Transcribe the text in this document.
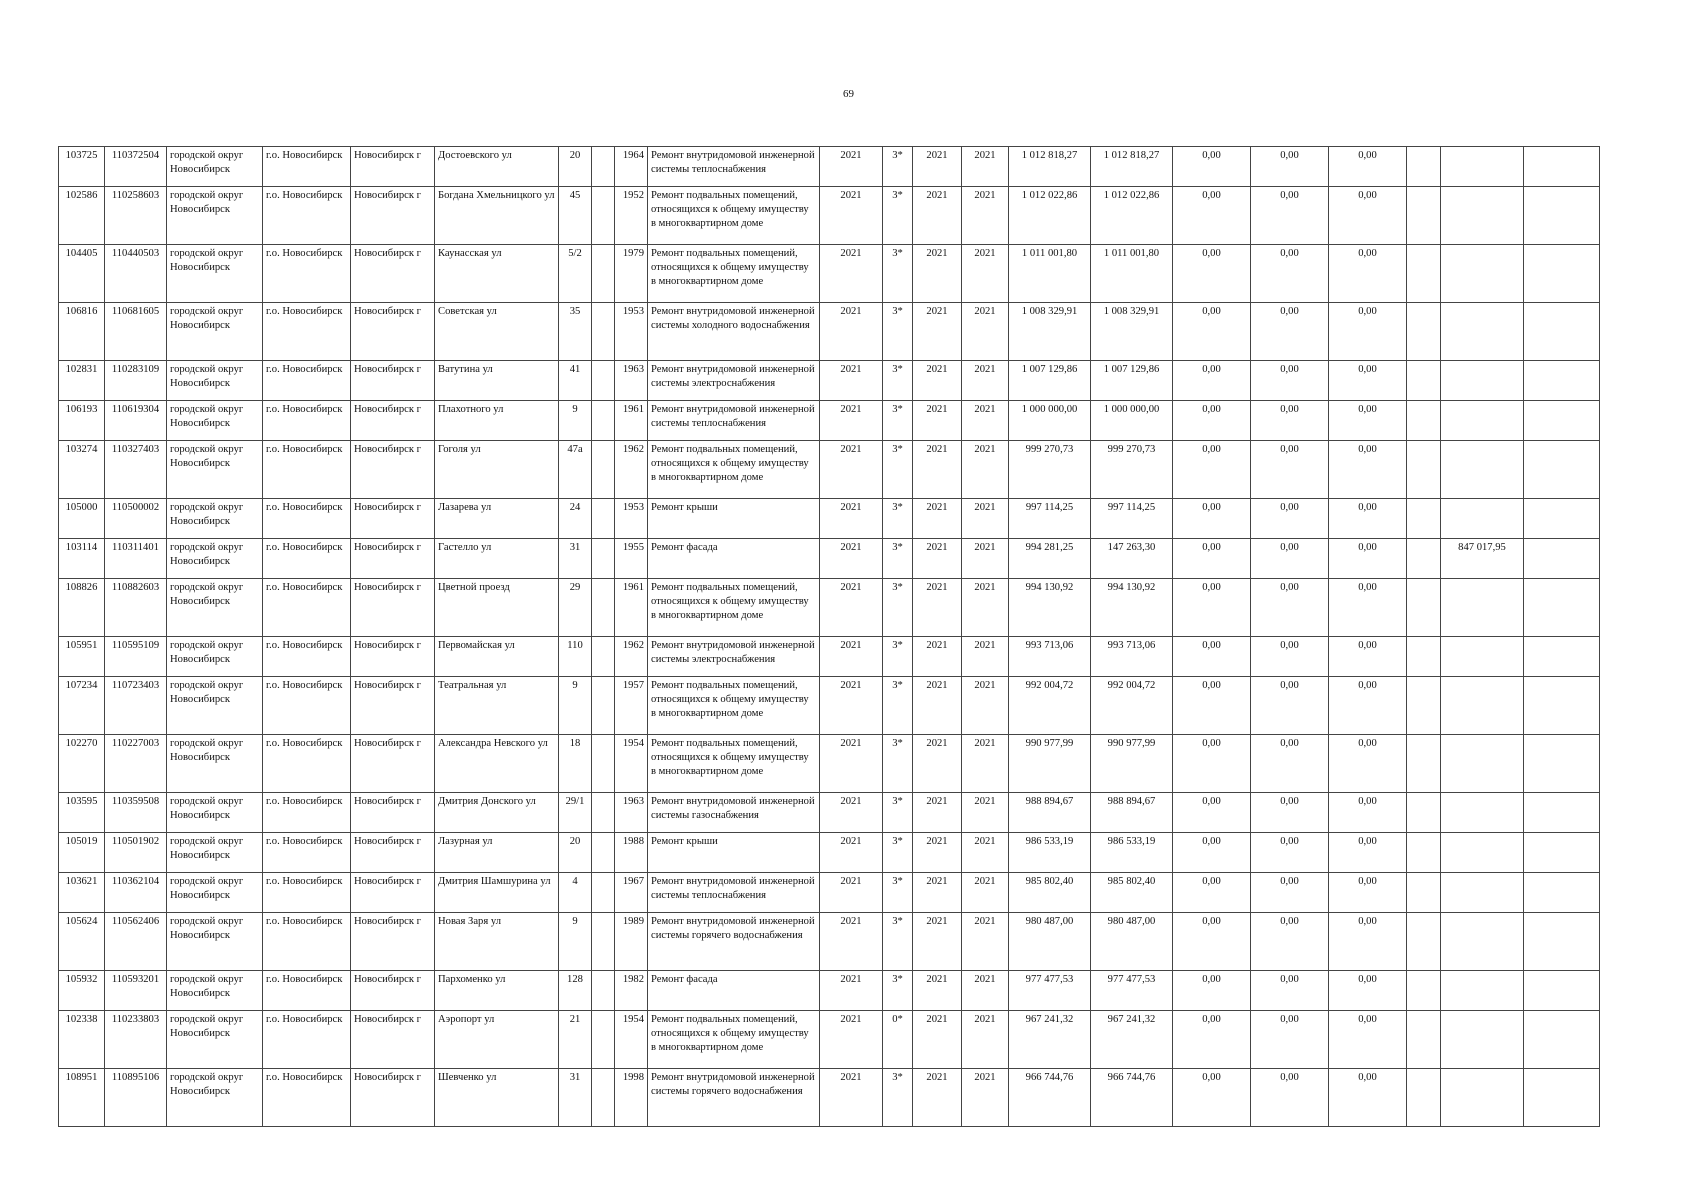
69
103725	110372504	городской округ Новосибирск	г.о. Новосибирск	Новосибирск г	Достоевского ул	20		1964	Ремонт внутридомовой инженерной системы теплоснабжения	2021	3*	2021	2021	1 012 818,27	1 012 818,27	0,00	0,00	0,00			
102586	110258603	городской округ Новосибирск	г.о. Новосибирск	Новосибирск г	Богдана Хмельницкого ул	45		1952	Ремонт подвальных помещений, относящихся к общему имуществу в многоквартирном доме	2021	3*	2021	2021	1 012 022,86	1 012 022,86	0,00	0,00	0,00			
104405	110440503	городской округ Новосибирск	г.о. Новосибирск	Новосибирск г	Каунасская ул	5/2		1979	Ремонт подвальных помещений, относящихся к общему имуществу в многоквартирном доме	2021	3*	2021	2021	1 011 001,80	1 011 001,80	0,00	0,00	0,00			
106816	110681605	городской округ Новосибирск	г.о. Новосибирск	Новосибирск г	Советская ул	35		1953	Ремонт внутридомовой инженерной системы холодного водоснабжения	2021	3*	2021	2021	1 008 329,91	1 008 329,91	0,00	0,00	0,00			
102831	110283109	городской округ Новосибирск	г.о. Новосибирск	Новосибирск г	Ватутина ул	41		1963	Ремонт внутридомовой инженерной системы электроснабжения	2021	3*	2021	2021	1 007 129,86	1 007 129,86	0,00	0,00	0,00			
106193	110619304	городской округ Новосибирск	г.о. Новосибирск	Новосибирск г	Плахотного ул	9		1961	Ремонт внутридомовой инженерной системы теплоснабжения	2021	3*	2021	2021	1 000 000,00	1 000 000,00	0,00	0,00	0,00			
103274	110327403	городской округ Новосибирск	г.о. Новосибирск	Новосибирск г	Гоголя ул	47а		1962	Ремонт подвальных помещений, относящихся к общему имуществу в многоквартирном доме	2021	3*	2021	2021	999 270,73	999 270,73	0,00	0,00	0,00			
105000	110500002	городской округ Новосибирск	г.о. Новосибирск	Новосибирск г	Лазарева ул	24		1953	Ремонт крыши	2021	3*	2021	2021	997 114,25	997 114,25	0,00	0,00	0,00			
103114	110311401	городской округ Новосибирск	г.о. Новосибирск	Новосибирск г	Гастелло ул	31		1955	Ремонт фасада	2021	3*	2021	2021	994 281,25	147 263,30	0,00	0,00	0,00		847 017,95	
108826	110882603	городской округ Новосибирск	г.о. Новосибирск	Новосибирск г	Цветной проезд	29		1961	Ремонт подвальных помещений, относящихся к общему имуществу в многоквартирном доме	2021	3*	2021	2021	994 130,92	994 130,92	0,00	0,00	0,00			
105951	110595109	городской округ Новосибирск	г.о. Новосибирск	Новосибирск г	Первомайская ул	110		1962	Ремонт внутридомовой инженерной системы электроснабжения	2021	3*	2021	2021	993 713,06	993 713,06	0,00	0,00	0,00			
107234	110723403	городской округ Новосибирск	г.о. Новосибирск	Новосибирск г	Театральная ул	9		1957	Ремонт подвальных помещений, относящихся к общему имуществу в многоквартирном доме	2021	3*	2021	2021	992 004,72	992 004,72	0,00	0,00	0,00			
102270	110227003	городской округ Новосибирск	г.о. Новосибирск	Новосибирск г	Александра Невского ул	18		1954	Ремонт подвальных помещений, относящихся к общему имуществу в многоквартирном доме	2021	3*	2021	2021	990 977,99	990 977,99	0,00	0,00	0,00			
103595	110359508	городской округ Новосибирск	г.о. Новосибирск	Новосибирск г	Дмитрия Донского ул	29/1		1963	Ремонт внутридомовой инженерной системы газоснабжения	2021	3*	2021	2021	988 894,67	988 894,67	0,00	0,00	0,00			
105019	110501902	городской округ Новосибирск	г.о. Новосибирск	Новосибирск г	Лазурная ул	20		1988	Ремонт крыши	2021	3*	2021	2021	986 533,19	986 533,19	0,00	0,00	0,00			
103621	110362104	городской округ Новосибирск	г.о. Новосибирск	Новосибирск г	Дмитрия Шамшурина ул	4		1967	Ремонт внутридомовой инженерной системы теплоснабжения	2021	3*	2021	2021	985 802,40	985 802,40	0,00	0,00	0,00			
105624	110562406	городской округ Новосибирск	г.о. Новосибирск	Новосибирск г	Новая Заря ул	9		1989	Ремонт внутридомовой инженерной системы горячего водоснабжения	2021	3*	2021	2021	980 487,00	980 487,00	0,00	0,00	0,00			
105932	110593201	городской округ Новосибирск	г.о. Новосибирск	Новосибирск г	Пархоменко ул	128		1982	Ремонт фасада	2021	3*	2021	2021	977 477,53	977 477,53	0,00	0,00	0,00			
102338	110233803	городской округ Новосибирск	г.о. Новосибирск	Новосибирск г	Аэропорт ул	21		1954	Ремонт подвальных помещений, относящихся к общему имуществу в многоквартирном доме	2021	0*	2021	2021	967 241,32	967 241,32	0,00	0,00	0,00			
108951	110895106	городской округ Новосибирск	г.о. Новосибирск	Новосибирск г	Шевченко ул	31		1998	Ремонт внутридомовой инженерной системы горячего водоснабжения	2021	3*	2021	2021	966 744,76	966 744,76	0,00	0,00	0,00			
